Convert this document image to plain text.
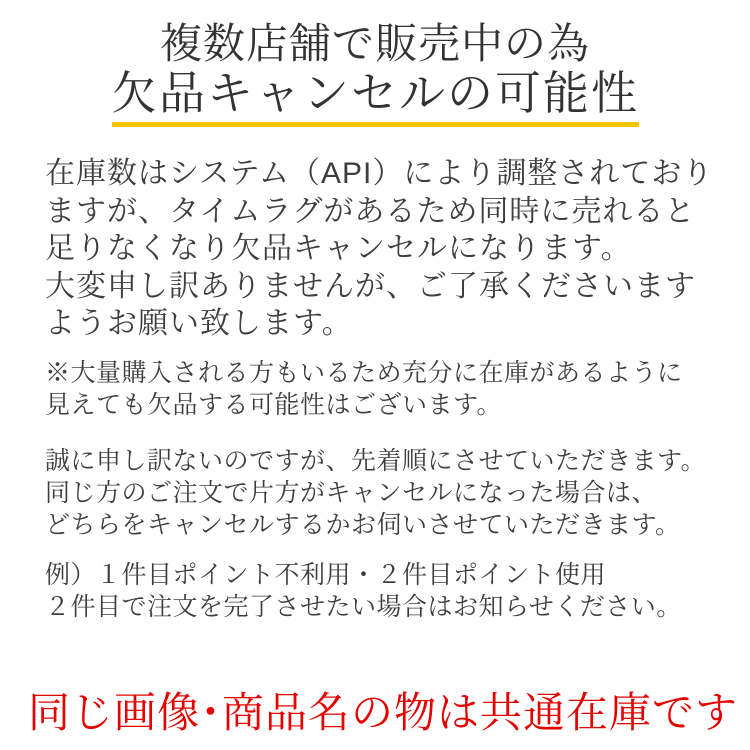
複数店舗で販売中の為
欠品キャンセルの可能性
在庫数はシステム（API）により調整されており
ますが、タイムラグがあるため同時に売れると
足りなくなり欠品キャンセルになります。
大変申し訳ありませんが、ご了承くださいます
ようお願い致します。
※大量購入される方もいるため充分に在庫があるように
見えても欠品する可能性はございます。
誠に申し訳ないのですが、先着順にさせていただきます。
同じ方のご注文で片方がキャンセルになった場合は、
どちらをキャンセルするかお伺いさせていただきます。
例）１件目ポイント不利用・２件目ポイント使用
２件目で注文を完了させたい場合はお知らせください。
同じ画像･商品名の物は共通在庫です
